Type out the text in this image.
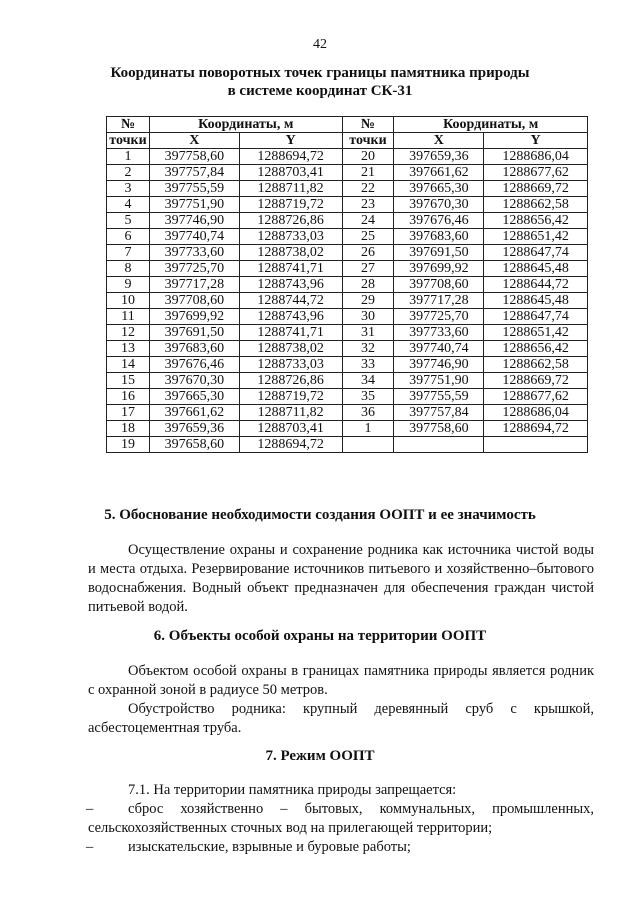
42
Координаты поворотных точек границы памятника природы
в системе координат СК-31
№	Координаты, м		№	Координаты, м	
точки	X	Y	точки	X	Y
1	397758,60	1288694,72	20	397659,36	1288686,04
2	397757,84	1288703,41	21	397661,62	1288677,62
3	397755,59	1288711,82	22	397665,30	1288669,72
4	397751,90	1288719,72	23	397670,30	1288662,58
5	397746,90	1288726,86	24	397676,46	1288656,42
6	397740,74	1288733,03	25	397683,60	1288651,42
7	397733,60	1288738,02	26	397691,50	1288647,74
8	397725,70	1288741,71	27	397699,92	1288645,48
9	397717,28	1288743,96	28	397708,60	1288644,72
10	397708,60	1288744,72	29	397717,28	1288645,48
11	397699,92	1288743,96	30	397725,70	1288647,74
12	397691,50	1288741,71	31	397733,60	1288651,42
13	397683,60	1288738,02	32	397740,74	1288656,42
14	397676,46	1288733,03	33	397746,90	1288662,58
15	397670,30	1288726,86	34	397751,90	1288669,72
16	397665,30	1288719,72	35	397755,59	1288677,62
17	397661,62	1288711,82	36	397757,84	1288686,04
18	397659,36	1288703,41	1	397758,60	1288694,72
19	397658,60	1288694,72			
5. Обоснование необходимости создания ООПТ и ее значимость
Осуществление охраны и сохранение родника как источника чистой воды и места отдыха. Резервирование источников питьевого и хозяйственно–бытового водоснабжения. Водный объект предназначен для обеспечения граждан чистой питьевой водой.
6. Объекты особой охраны на территории ООПТ
Объектом особой охраны в границах памятника природы является родник с охранной зоной в радиусе 50 метров.
Обустройство родника: крупный деревянный сруб с крышкой, асбестоцементная труба.
7. Режим ООПТ
7.1. На территории памятника природы запрещается:
–	сброс хозяйственно – бытовых, коммунальных, промышленных, сельскохозяйственных сточных вод на прилегающей территории;
–	изыскательские, взрывные и буровые работы;
